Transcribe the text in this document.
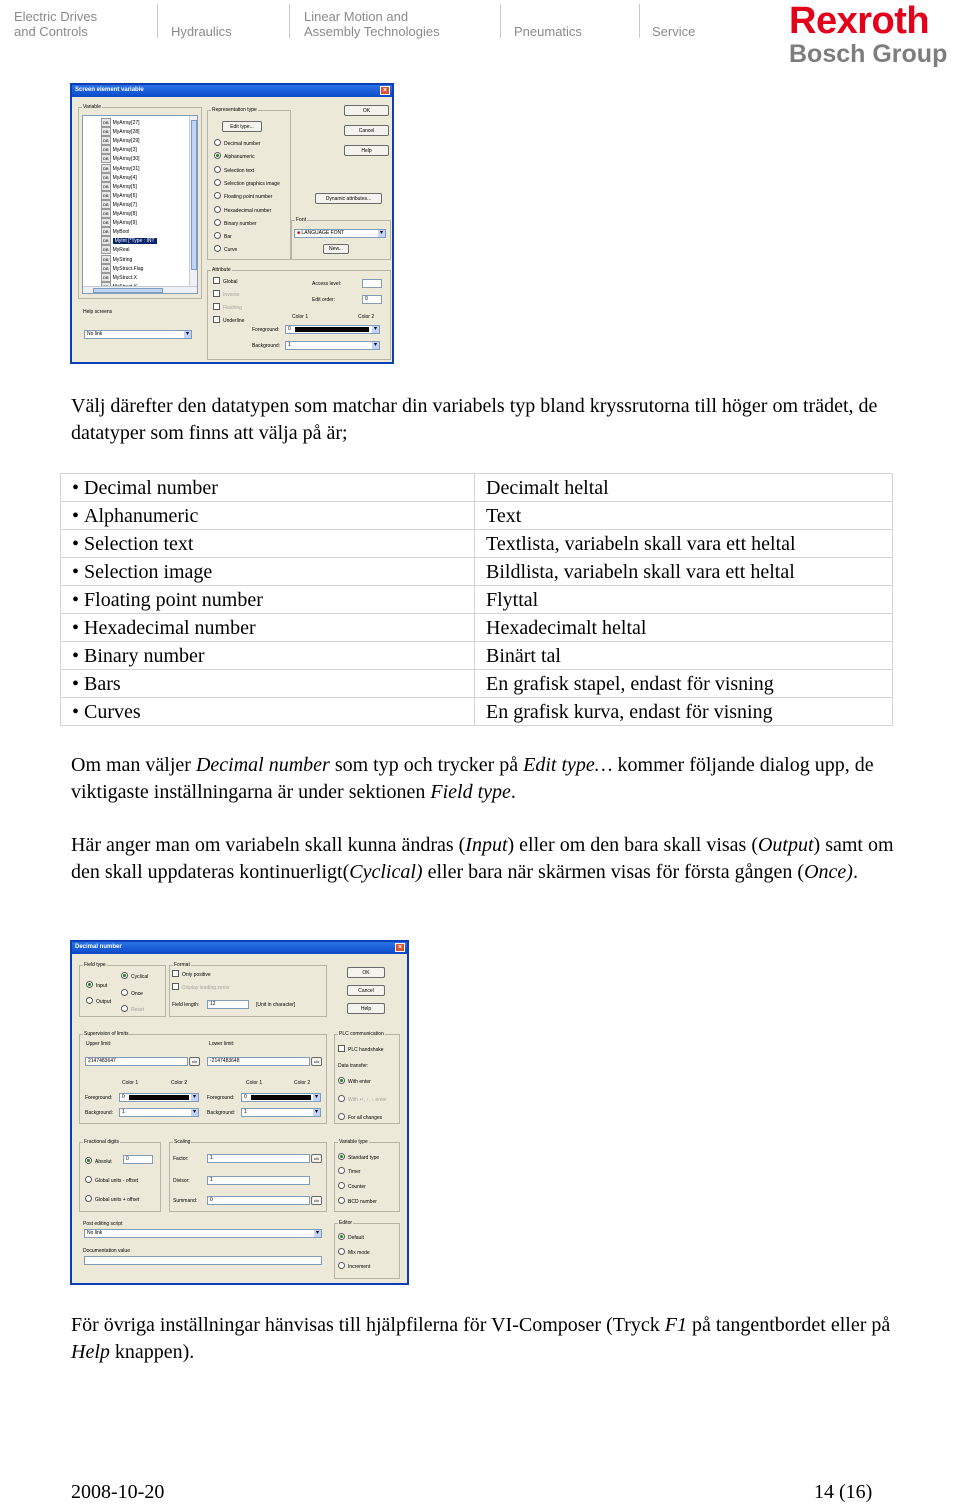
Electric Drives
and Controls	Hydraulics
Linear Motion and
Assembly Technologies	Pneumatics	Service Rexroth
Bosch Group
Screen element variable	×
Variable
DB MyArray[27]
DB MyArray[28]
DB MyArray[29]
DB MyArray[3]
DB MyArray[30]
DB MyArray[31]
DB MyArray[4]
DB MyArray[5]
DB MyArray[6]
DB MyArray[7]
DB MyArray[8]
DB MyArray[9]
DB MyBool
DB MyInt [*Type : INT
DB MyReal
DB MyString
DB MyStruct.Flag
DB MyStruct.X
Help screens
No link ▾
Representation type
Edit type...
OK
Cancel
Help
Dynamic attributes...
Font
■ LANGUAGE FONT ▾
New...
Attribute
Global
Inverse
Flashing
Underline
Access level:
Edit order:	0
Color 1	Color 2
Foreground:	0
▾
Background:	1 ▾
Decimal number
Alphanumeric
Selection text
Selection graphics image
Floating point number
Hexadecimal number
Binary number
Bar
Curve
Välj därefter den datatypen som matchar din variabels typ bland kryssrutorna till höger om trädet, de datatyper som finns att välja på är;
• Decimal number	Decimalt heltal
• Alphanumeric	Text
• Selection text	Textlista, variabeln skall vara ett heltal
• Selection image	Bildlista, variabeln skall vara ett heltal
• Floating point number	Flyttal
• Hexadecimal number	Hexadecimalt heltal
• Binary number	Binärt tal
• Bars	En grafisk stapel, endast för visning
• Curves	En grafisk kurva, endast för visning
Om man väljer Decimal number som typ och trycker på Edit type… kommer följande dialog upp, de viktigaste inställningarna är under sektionen Field type.
Här anger man om variabeln skall kunna ändras (Input) eller om den bara skall visas (Output) samt om den skall uppdateras kontinuerligt(Cyclical) eller bara när skärmen visas för första gången (Once).
Decimal number	×
Field type
Cyclical
Input
Once
Output
Reset
Format
Only positive
Display leading zeros
Field length:	12	[Unit in character]
OK
Cancel
Help
Supervision of limits
Upper limit:
2147483647	c/v
Lower limit:
-2147483648	c/v
Color 1	Color 2	Color 1	Color 2
Foreground:	0
▾
Background:	1 ▾
Foreground:	0
▾
Background:	1 ▾
PLC communication
PLC handshake
Data transfer:
With enter
With ↵, ↑, ↓ enter
For all changes
Fractional digits
Absolut	0
Global units - offset
Global units + offset
Scaling
Factor:	1	c/v
Divisor:	1
Summand:	0	c/v
Variable type
Standard type
Timer
Counter
BCD number
Post editing script
No link ▾
Documentation value
Editor
Default
Mix mode
Increment
För övriga inställningar hänvisas till hjälpfilerna för VI-Composer (Tryck F1 på tangentbordet eller på Help knappen).
2008-10-20	14 (16)
